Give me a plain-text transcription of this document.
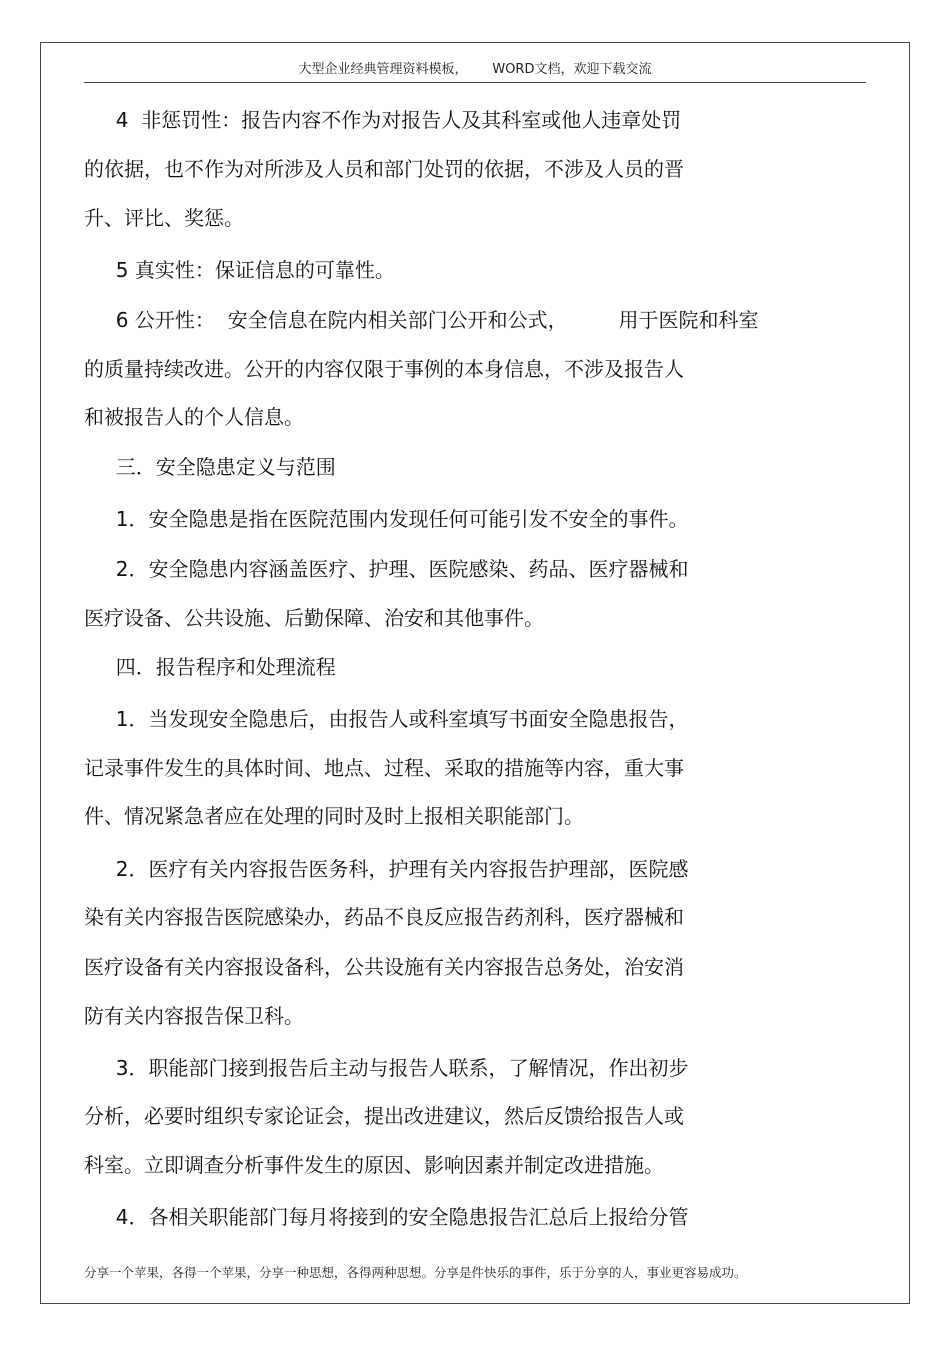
大型企业经典管理资料模板，      WORD文档，欢迎下载交流
4  非惩罚性：报告内容不作为对报告人及其科室或他人违章处罚
的依据，也不作为对所涉及人员和部门处罚的依据，不涉及人员的晋
升、评比、奖惩。
5 真实性：保证信息的可靠性。
6 公开性：  安全信息在院内相关部门公开和公式，        用于医院和科室
的质量持续改进。公开的内容仅限于事例的本身信息，不涉及报告人
和被报告人的个人信息。
三．安全隐患定义与范围
1．安全隐患是指在医院范围内发现任何可能引发不安全的事件。
2．安全隐患内容涵盖医疗、护理、医院感染、药品、医疗器械和
医疗设备、公共设施、后勤保障、治安和其他事件。
四．报告程序和处理流程
1．当发现安全隐患后，由报告人或科室填写书面安全隐患报告，
记录事件发生的具体时间、地点、过程、采取的措施等内容，重大事
件、情况紧急者应在处理的同时及时上报相关职能部门。
2．医疗有关内容报告医务科，护理有关内容报告护理部，医院感
染有关内容报告医院感染办，药品不良反应报告药剂科，医疗器械和
医疗设备有关内容报设备科，公共设施有关内容报告总务处，治安消
防有关内容报告保卫科。
3．职能部门接到报告后主动与报告人联系，了解情况，作出初步
分析，必要时组织专家论证会，提出改进建议，然后反馈给报告人或
科室。立即调查分析事件发生的原因、影响因素并制定改进措施。
4．各相关职能部门每月将接到的安全隐患报告汇总后上报给分管
分享一个苹果，各得一个苹果，分享一种思想，各得两种思想。分享是件快乐的事件，乐于分享的人，事业更容易成功。
